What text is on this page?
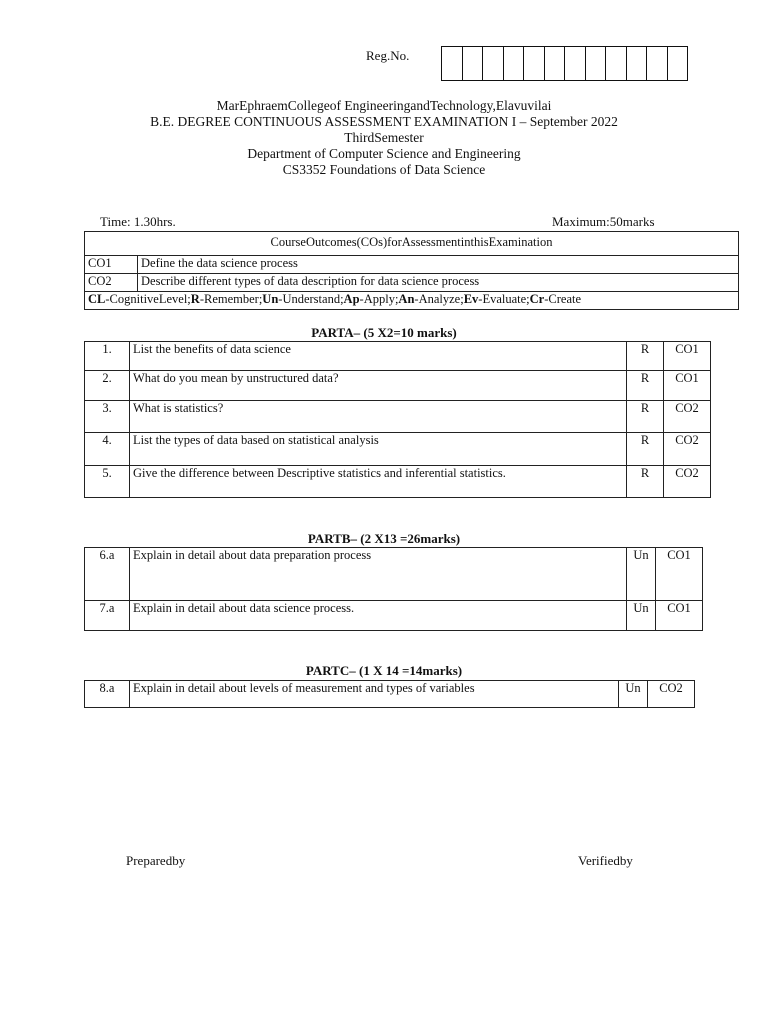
Reg.No.
MarEphraemCollegeof EngineeringandTechnology,Elavuvilai
B.E. DEGREE CONTINUOUS ASSESSMENT EXAMINATION I – September 2022
ThirdSemester
Department of Computer Science and Engineering
CS3352 Foundations of Data Science
Time: 1.30hrs.	Maximum:50marks
CourseOutcomes(COs)forAssessmentinthisExamination	
CO1	Define the data science process
CO2	Describe different types of data description for data science process
CL-CognitiveLevel;R-Remember;Un-Understand;Ap-Apply;An-Analyze;Ev-Evaluate;Cr-Create	
PARTA– (5 X2=10 marks)
1.	List the benefits of data science	R	CO1
2.	What do you mean by unstructured data?	R	CO1
3.	What is statistics?	R	CO2
4.	List the types of data based on statistical analysis	R	CO2
5.	Give the difference between Descriptive statistics and inferential statistics.	R	CO2
PARTB– (2 X13 =26marks)
6.a	Explain in detail about data preparation process	Un	CO1
7.a	Explain in detail about data science process.	Un	CO1
PARTC– (1 X 14 =14marks)
8.a	Explain in detail about levels of measurement and types of variables	Un	CO2
Preparedby	Verifiedby
